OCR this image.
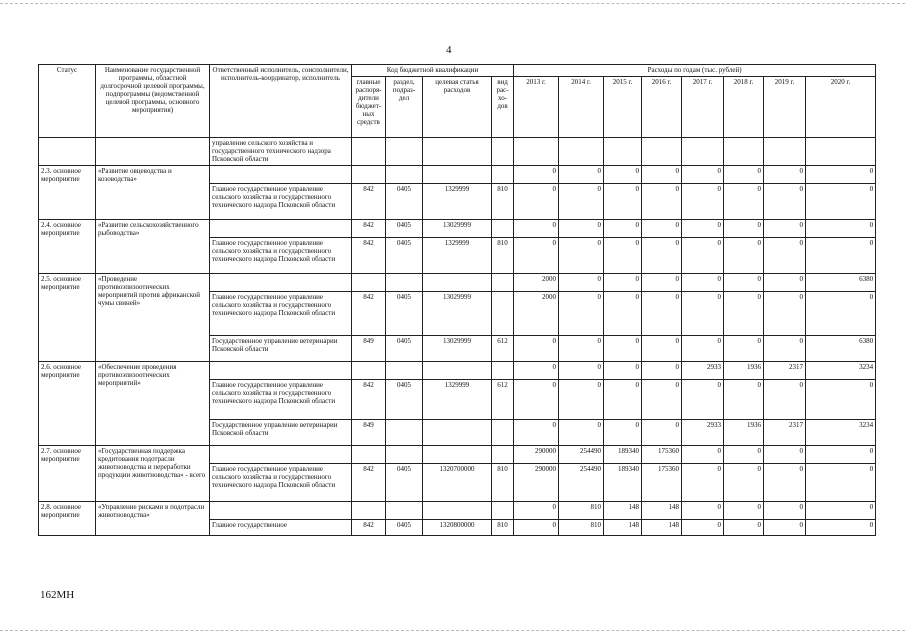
4
Статус	Наименование государственной программы, областной долгосрочной целевой программы, подпрограммы (ведомственной целевой программы, основного мероприятия)	Ответственный исполнитель, соисполнители, исполнитель-координатор, исполнитель	Код бюджетной квалификации				Расходы по годам (тыс. рублей)							
			главные распоря-дители бюджет-ных средств	раздел, подраз-дел	целевая статья расходов	вид рас-хо-дов	2013 г.	2014 г.	2015 г.	2016 г.	2017 г.	2018 г.	2019 г.	2020 г.
		управление сельского хозяйства и государственного технического надзора Псковской области												
2.3. основное мероприятие	«Развитие овцеводства и козоводства»						0	0	0	0	0	0	0	0
		Главное государственное управление сельского хозяйства и государственного технического надзора Псковской области	842	0405	1329999	810	0	0	0	0	0	0	0	0
2.4. основное мероприятие	«Развитие сельскохозяйственного рыбоводства»		842	0405	13029999		0	0	0	0	0	0	0	0
		Главное государственное управление сельского хозяйства и государственного технического надзора Псковской области	842	0405	1329999	810	0	0	0	0	0	0	0	0
2.5. основное мероприятие	«Проведение противоэпизоотических мероприятий против африканской чумы свиней»						2000	0	0	0	0	0	0	6380
		Главное государственное управление сельского хозяйства и государственного технического надзора Псковской области	842	0405	13029999		2000	0	0	0	0	0	0	0
		Государственное управление ветеринарии Псковской области	849	0405	13029999	612	0	0	0	0	0	0	0	6380
2.6. основное мероприятие	«Обеспечение проведения противоэпизоотических мероприятий»						0	0	0	0	2933	1936	2317	3234
		Главное государственное управление сельского хозяйства и государственного технического надзора Псковской области	842	0405	1329999	612	0	0	0	0	0	0	0	0
		Государственное управление ветеринарии Псковской области	849				0	0	0	0	2933	1936	2317	3234
2.7. основное мероприятие	«Государственная поддержка кредитования подотрасли животноводства и переработки продукции животноводства» - всего						290000	254490	189340	175360	0	0	0	0
		Главное государственное управление сельского хозяйства и государственного технического надзора Псковской области	842	0405	1320700000	810	290000	254490	189340	175360	0	0	0	0
2.8. основное мероприятие	«Управление рисками в подотрасли животноводства»						0	810	148	148	0	0	0	0
		Главное государственное	842	0405	1320800000	810	0	810	148	148	0	0	0	0
162МН
